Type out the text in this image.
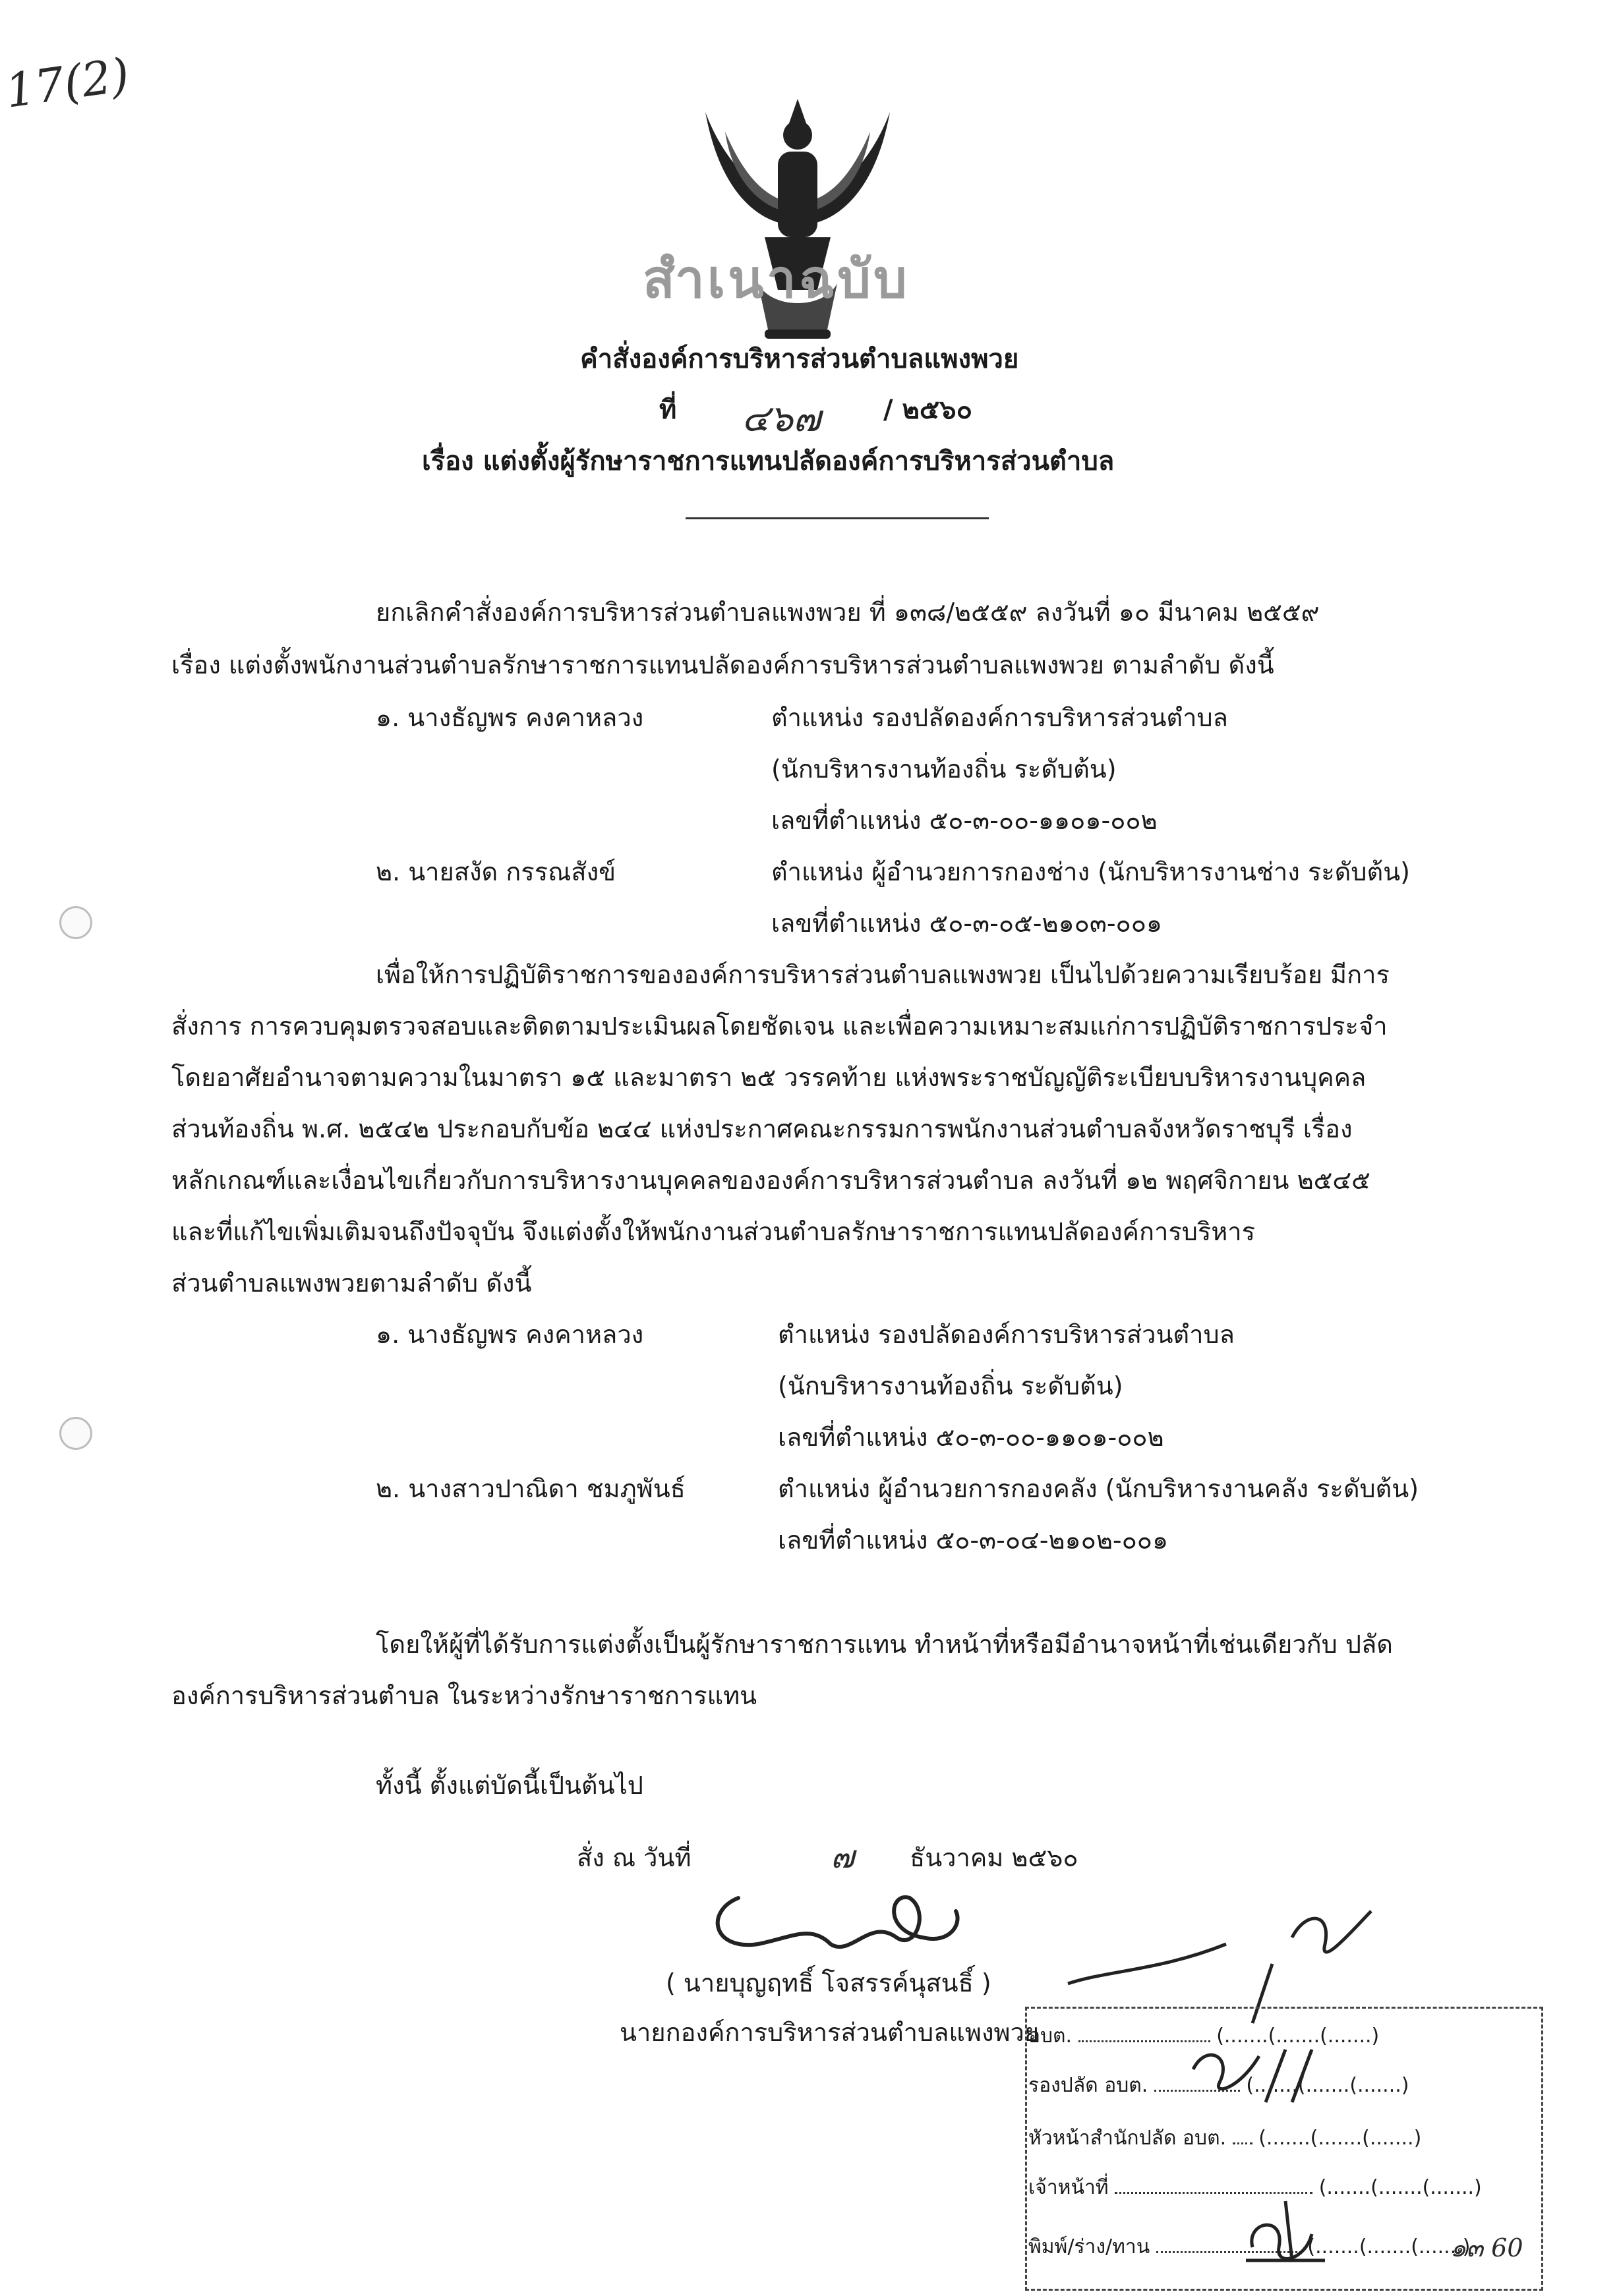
17(2)
สำเนาฉบับ
คำสั่งองค์การบริหารส่วนตำบลแพงพวย
ที่ ๔๖๗ / ๒๕๖๐
เรื่อง แต่งตั้งผู้รักษาราชการแทนปลัดองค์การบริหารส่วนตำบล
ยกเลิกคำสั่งองค์การบริหารส่วนตำบลแพงพวย ที่ ๑๓๘/๒๕๕๙ ลงวันที่ ๑๐ มีนาคม ๒๕๕๙
เรื่อง แต่งตั้งพนักงานส่วนตำบลรักษาราชการแทนปลัดองค์การบริหารส่วนตำบลแพงพวย ตามลำดับ ดังนี้
๑. นางธัญพร คงคาหลวง	ตำแหน่ง รองปลัดองค์การบริหารส่วนตำบล
(นักบริหารงานท้องถิ่น ระดับต้น)
เลขที่ตำแหน่ง ๕๐-๓-๐๐-๑๑๐๑-๐๐๒
๒. นายสงัด กรรณสังข์	ตำแหน่ง ผู้อำนวยการกองช่าง (นักบริหารงานช่าง ระดับต้น)
เลขที่ตำแหน่ง ๕๐-๓-๐๕-๒๑๐๓-๐๐๑
เพื่อให้การปฏิบัติราชการขององค์การบริหารส่วนตำบลแพงพวย เป็นไปด้วยความเรียบร้อย มีการ
สั่งการ การควบคุมตรวจสอบและติดตามประเมินผลโดยชัดเจน และเพื่อความเหมาะสมแก่การปฏิบัติราชการประจำ
โดยอาศัยอำนาจตามความในมาตรา ๑๕ และมาตรา ๒๕ วรรคท้าย แห่งพระราชบัญญัติระเบียบบริหารงานบุคคล
ส่วนท้องถิ่น พ.ศ. ๒๕๔๒ ประกอบกับข้อ ๒๔๔ แห่งประกาศคณะกรรมการพนักงานส่วนตำบลจังหวัดราชบุรี เรื่อง
หลักเกณฑ์และเงื่อนไขเกี่ยวกับการบริหารงานบุคคลขององค์การบริหารส่วนตำบล ลงวันที่ ๑๒ พฤศจิกายน ๒๕๔๕
และที่แก้ไขเพิ่มเติมจนถึงปัจจุบัน จึงแต่งตั้งให้พนักงานส่วนตำบลรักษาราชการแทนปลัดองค์การบริหาร
ส่วนตำบลแพงพวยตามลำดับ ดังนี้
๑. นางธัญพร คงคาหลวง	ตำแหน่ง รองปลัดองค์การบริหารส่วนตำบล
(นักบริหารงานท้องถิ่น ระดับต้น)
เลขที่ตำแหน่ง ๕๐-๓-๐๐-๑๑๐๑-๐๐๒
๒. นางสาวปาณิดา ชมภูพันธ์	ตำแหน่ง ผู้อำนวยการกองคลัง (นักบริหารงานคลัง ระดับต้น)
เลขที่ตำแหน่ง ๕๐-๓-๐๔-๒๑๐๒-๐๐๑
โดยให้ผู้ที่ได้รับการแต่งตั้งเป็นผู้รักษาราชการแทน ทำหน้าที่หรือมีอำนาจหน้าที่เช่นเดียวกับ ปลัด
องค์การบริหารส่วนตำบล ในระหว่างรักษาราชการแทน
ทั้งนี้ ตั้งแต่บัดนี้เป็นต้นไป
สั่ง ณ วันที่	๗ ธันวาคม ๒๕๖๐
( นายบุญฤทธิ์ โจสรรค์นุสนธิ์ )
นายกองค์การบริหารส่วนตำบลแพงพวย
อบต.	(.......(.......(.......)
รองปลัด อบต.	(.......(.......(.......)
หัวหน้าสำนักปลัด อบต. (.......(.......(.......)
เจ้าหน้าที่	(.......(.......(.......)
พิมพ์/ร่าง/ทาน	(.......(.......(.......)
๑๓ 60
